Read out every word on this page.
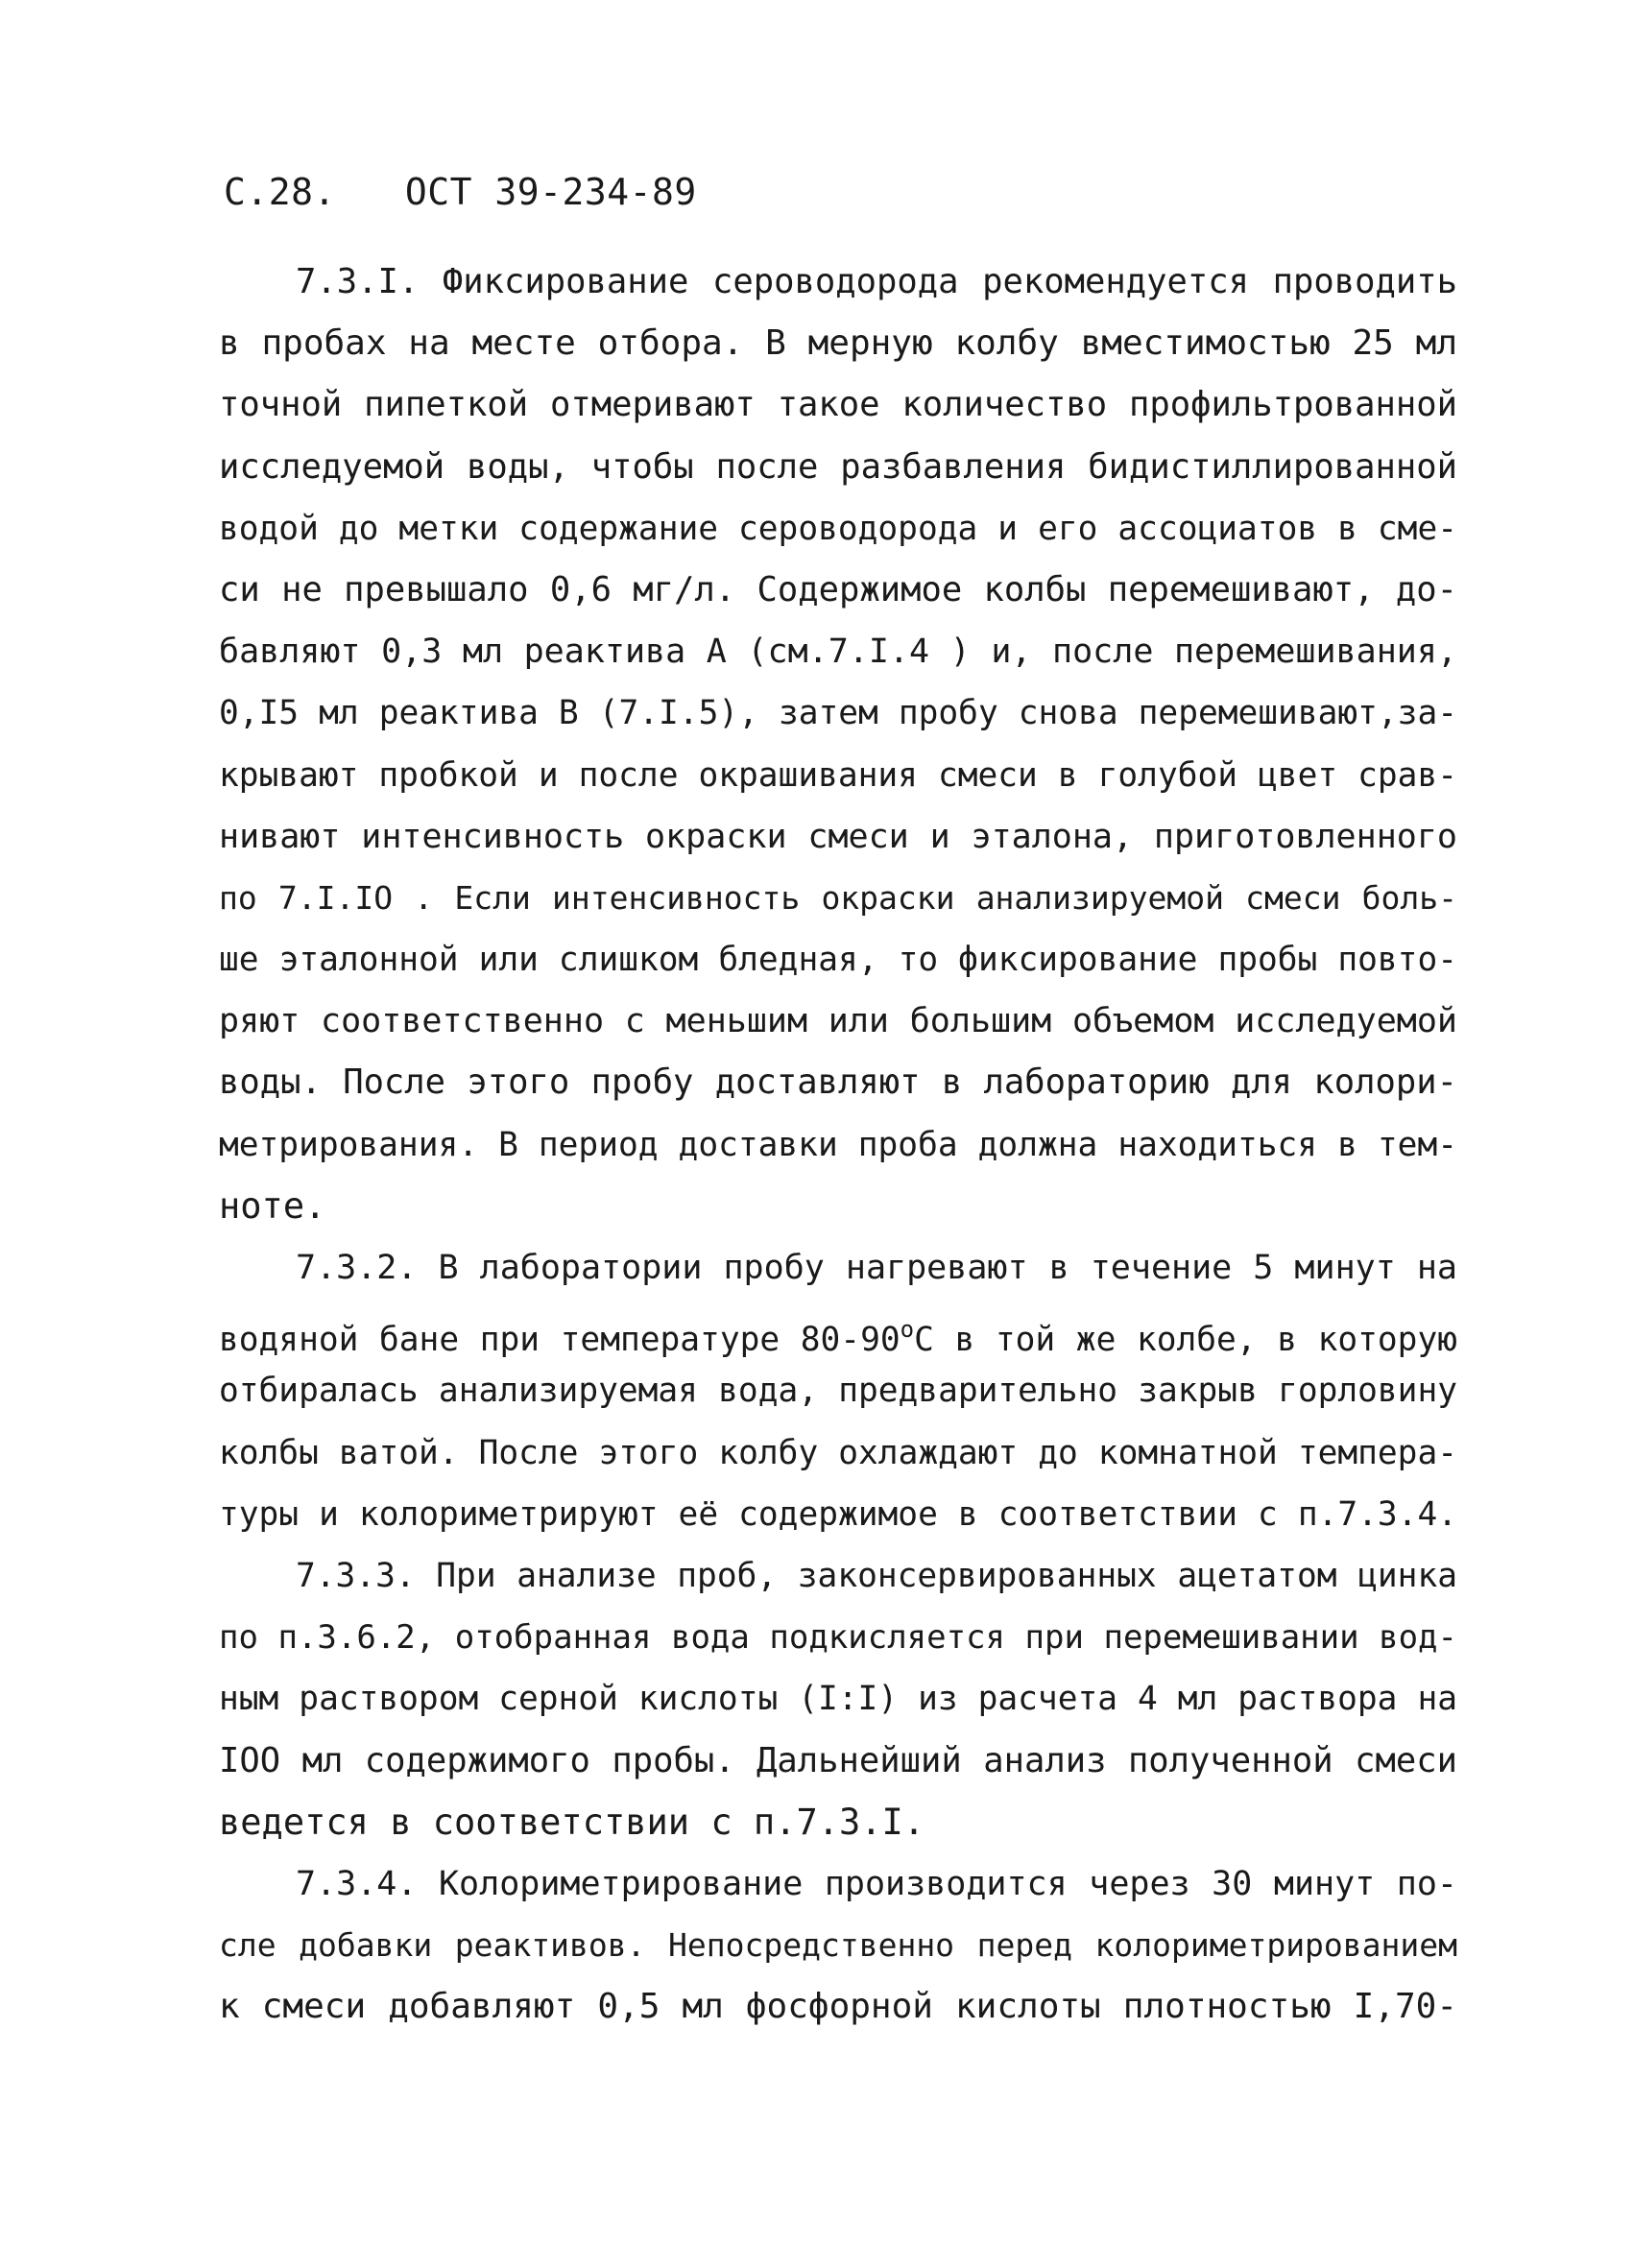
С.28. ОСТ 39-234-89
7.3.I. Фиксирование сероводорода рекомендуется проводить
в пробах на месте отбора. В мерную колбу вместимостью 25 мл
точной пипеткой отмеривают такое количество профильтрованной
исследуемой воды, чтобы после разбавления бидистиллированной
водой до метки содержание сероводорода и его ассоциатов в сме-
си не превышало 0,6 мг/л. Содержимое колбы перемешивают, до-
бавляют 0,3 мл реактива А (см.7.I.4 ) и, после перемешивания,
0,I5 мл реактива В (7.I.5), затем пробу снова перемешивают,за-
крывают пробкой и после окрашивания смеси в голубой цвет срав-
нивают интенсивность окраски смеси и эталона, приготовленного
по 7.I.IO . Если интенсивность окраски анализируемой смеси боль-
ше эталонной или слишком бледная, то фиксирование пробы повто-
ряют соответственно с меньшим или большим объемом исследуемой
воды. После этого пробу доставляют в лабораторию для колори-
метрирования. В период доставки проба должна находиться в тем-
ноте.
7.3.2. В лаборатории пробу нагревают в течение 5 минут на
водяной бане при температуре 80-90$^o$С в той же колбе, в которую
отбиралась анализируемая вода, предварительно закрыв горловину
колбы ватой. После этого колбу охлаждают до комнатной темпера-
туры и колориметрируют её содержимое в соответствии с п.7.3.4.
7.3.3. При анализе проб, законсервированных ацетатом цинка
по п.3.6.2, отобранная вода подкисляется при перемешивании вод-
ным раствором серной кислоты (I:I) из расчета 4 мл раствора на
IOO мл содержимого пробы. Дальнейший анализ полученной смеси
ведется в соответствии с п.7.3.I.
7.3.4. Колориметрирование производится через 30 минут по-
сле добавки реактивов. Непосредственно перед колориметрированием
к смеси добавляют 0,5 мл фосфорной кислоты плотностью I,70-
